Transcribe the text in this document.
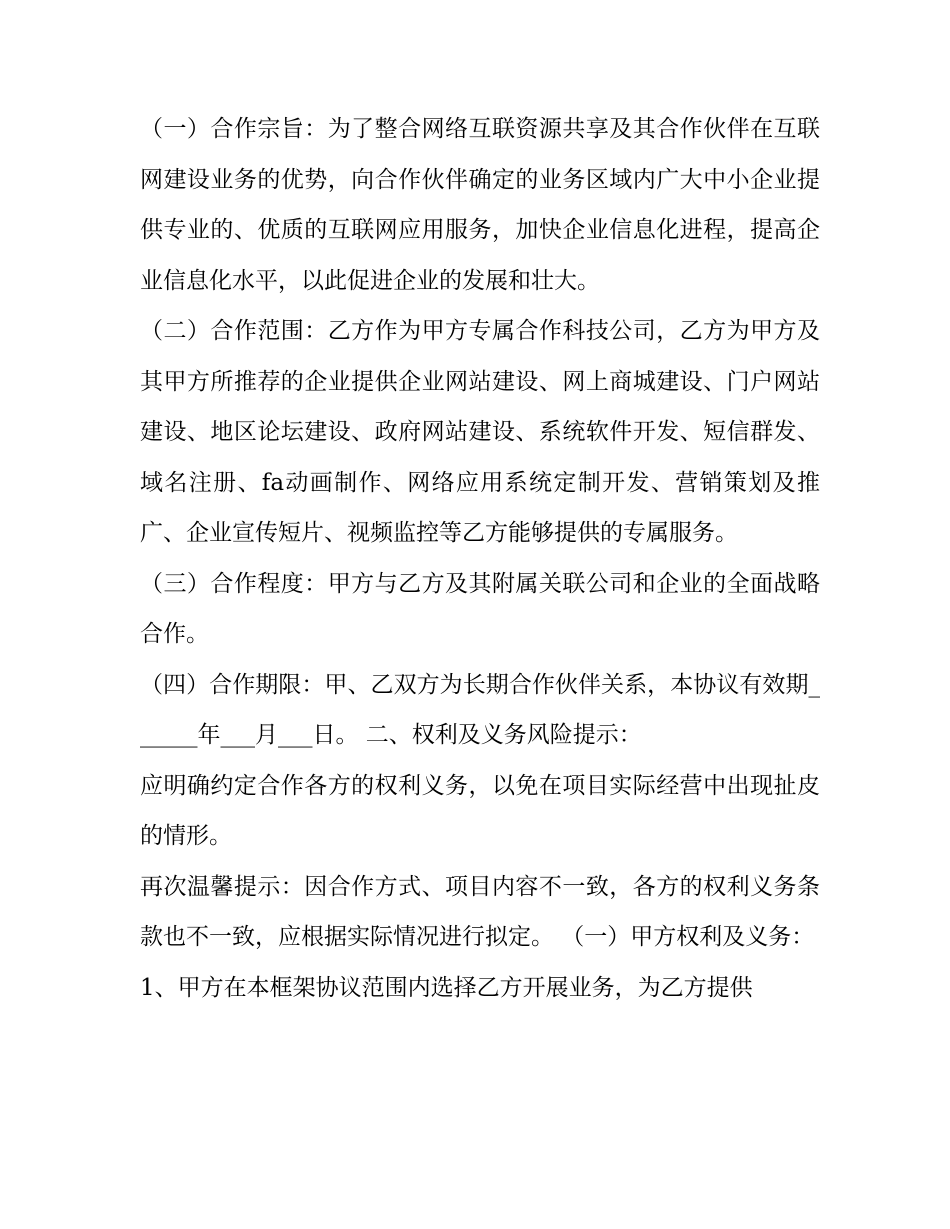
（一）合作宗旨：为了整合网络互联资源共享及其合作伙伴在互联网建设业务的优势，向合作伙伴确定的业务区域内广大中小企业提供专业的、优质的互联网应用服务，加快企业信息化进程，提高企业信息化水平，以此促进企业的发展和壮大。

（二）合作范围：乙方作为甲方专属合作科技公司，乙方为甲方及其甲方所推荐的企业提供企业网站建设、网上商城建设、门户网站建设、地区论坛建设、政府网站建设、系统软件开发、短信群发、域名注册、fa动画制作、网络应用系统定制开发、营销策划及推广、企业宣传短片、视频监控等乙方能够提供的专属服务。

（三）合作程度：甲方与乙方及其附属关联公司和企业的全面战略合作。

（四）合作期限：甲、乙双方为长期合作伙伴关系，本协议有效期______年___月___日。 二、权利及义务风险提示：

应明确约定合作各方的权利义务，以免在项目实际经营中出现扯皮的情形。

再次温馨提示：因合作方式、项目内容不一致，各方的权利义务条款也不一致，应根据实际情况进行拟定。 （一）甲方权利及义务：

1、甲方在本框架协议范围内选择乙方开展业务，为乙方提供
